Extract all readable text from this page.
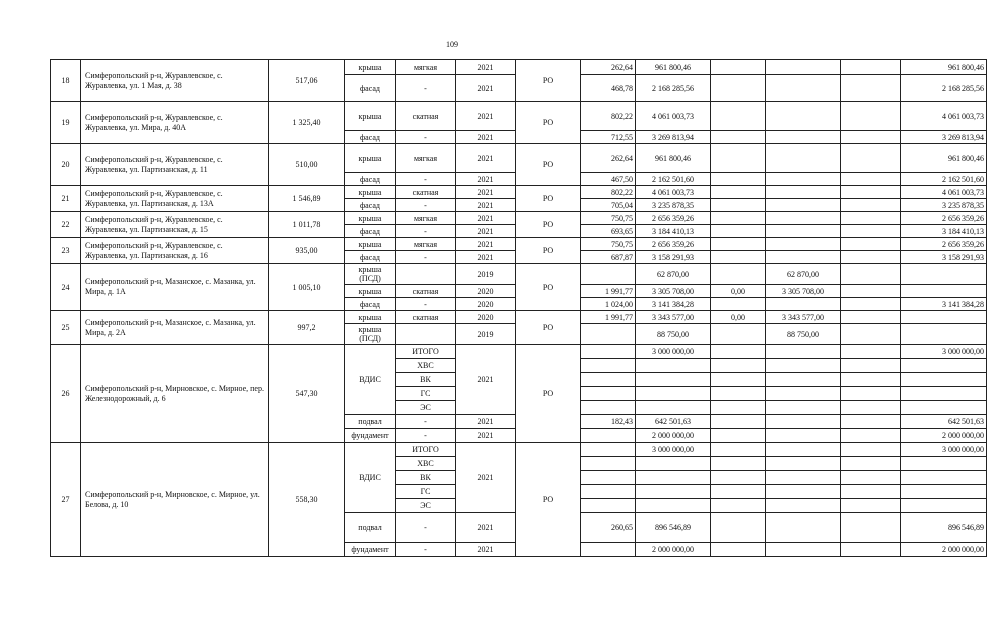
109
18	Симферопольский р-н, Журавлевское, с. Журавлевка, ул. 1 Мая, д. 38	517,06	крыша	мягкая	2021	РО	262,64	961 800,46				961 800,46
			фасад	-	2021		468,78	2 168 285,56				2 168 285,56
19	Симферопольский р-н, Журавлевское, с. Журавлевка, ул. Мира, д. 40А	1 325,40	крыша	скатная	2021	РО	802,22	4 061 003,73				4 061 003,73
			фасад	-	2021		712,55	3 269 813,94				3 269 813,94
20	Симферопольский р-н, Журавлевское, с. Журавлевка, ул. Партизанская, д. 11	510,00	крыша	мягкая	2021	РО	262,64	961 800,46				961 800,46
			фасад	-	2021		467,50	2 162 501,60				2 162 501,60
21	Симферопольский р-н, Журавлевское, с. Журавлевка, ул. Партизанская, д. 13А	1 546,89	крыша	скатная	2021	РО	802,22	4 061 003,73				4 061 003,73
			фасад	-	2021		705,04	3 235 878,35				3 235 878,35
22	Симферопольский р-н, Журавлевское, с. Журавлевка, ул. Партизанская, д. 15	1 011,78	крыша	мягкая	2021	РО	750,75	2 656 359,26				2 656 359,26
			фасад	-	2021		693,65	3 184 410,13				3 184 410,13
23	Симферопольский р-н, Журавлевское, с. Журавлевка, ул. Партизанская, д. 16	935,00	крыша	мягкая	2021	РО	750,75	2 656 359,26				2 656 359,26
			фасад	-	2021		687,87	3 158 291,93				3 158 291,93
24	Симферопольский р-н, Мазанское, с. Мазанка, ул. Мира, д. 1А	1 005,10	крыша (ПСД)		2019	РО		62 870,00		62 870,00		
			крыша	скатная	2020		1 991,77	3 305 708,00	0,00	3 305 708,00		
			фасад	-	2020		1 024,00	3 141 384,28				3 141 384,28
25	Симферопольский р-н, Мазанское, с. Мазанка, ул. Мира, д. 2А	997,2	крыша	скатная	2020	РО	1 991,77	3 343 577,00	0,00	3 343 577,00		
			крыша (ПСД)		2019			88 750,00		88 750,00		
26	Симферопольский р-н, Мирновское, с. Мирное, пер. Железнодорожный, д. 6	547,30	ВДИС	ИТОГО	2021	РО		3 000 000,00				3 000 000,00
				ХВС								
				ВК								
				ГС								
				ЭС								
			подвал	-	2021		182,43	642 501,63				642 501,63
			фундамент	-	2021			2 000 000,00				2 000 000,00
27	Симферопольский р-н, Мирновское, с. Мирное, ул. Белова, д. 10	558,30	ВДИС	ИТОГО	2021	РО		3 000 000,00				3 000 000,00
				ХВС								
				ВК								
				ГС								
				ЭС								
			подвал	-	2021		260,65	896 546,89				896 546,89
			фундамент	-	2021			2 000 000,00				2 000 000,00
